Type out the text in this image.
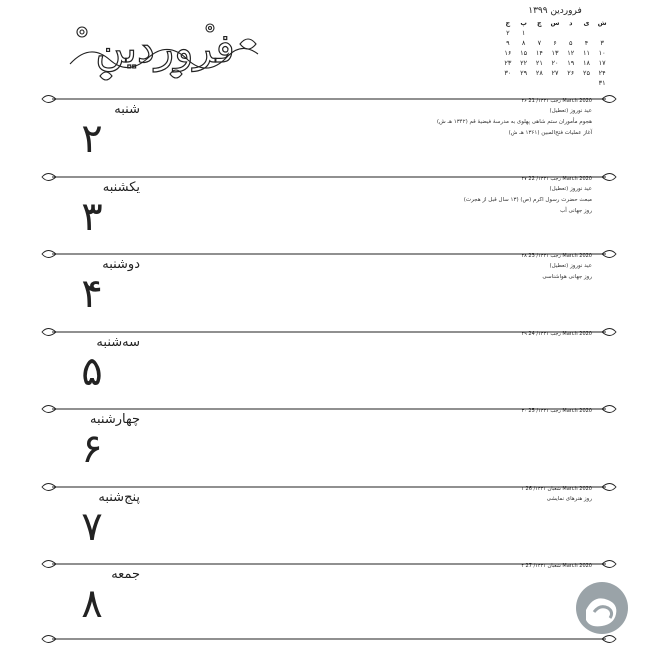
فروردین
فروردین ۱۳۹۹
ش	ی	د	س	چ	پ	ج
					۱	۲
۳	۴	۵	۶	۷	۸	۹
۱۰	۱۱	۱۲	۱۳	۱۴	۱۵	۱۶
۱۷	۱۸	۱۹	۲۰	۲۱	۲۲	۲۳
۲۴	۲۵	۲۶	۲۷	۲۸	۲۹	۳۰
۳۱						
شنبه
۲
۲۶ رجب ۱۴۴۱/ 21 March 2020
عید نوروز (تعطیل)
هجوم مأموران ستم شاهی پهلوی به مدرسهٔ فیضیهٔ قم (۱۳۴۲ هـ ش)
آغاز عملیات فتح‌المبین (۱۳۶۱ هـ ش)
یکشنبه
۳
۲۷ رجب ۱۴۴۱/ 22 March 2020
عید نوروز (تعطیل)
مبعث حضرت رسول اکرم (ص) (۱۳ سال قبل از هجرت)
روز جهانی آب
دوشنبه
۴
۲۸ رجب ۱۴۴۱/ 23 March 2020
عید نوروز (تعطیل)
روز جهانی هواشناسی
سه‌شنبه
۵
۲۹ رجب ۱۴۴۱/ 24 March 2020
چهارشنبه
۶
۳۰ رجب ۱۴۴۱/ 25 March 2020
پنج‌شنبه
۷
۱ شعبان ۱۴۴۱/ 26 March 2020
روز هنرهای نمایشی
جمعه
۸
۲ شعبان ۱۴۴۱/ 27 March 2020
